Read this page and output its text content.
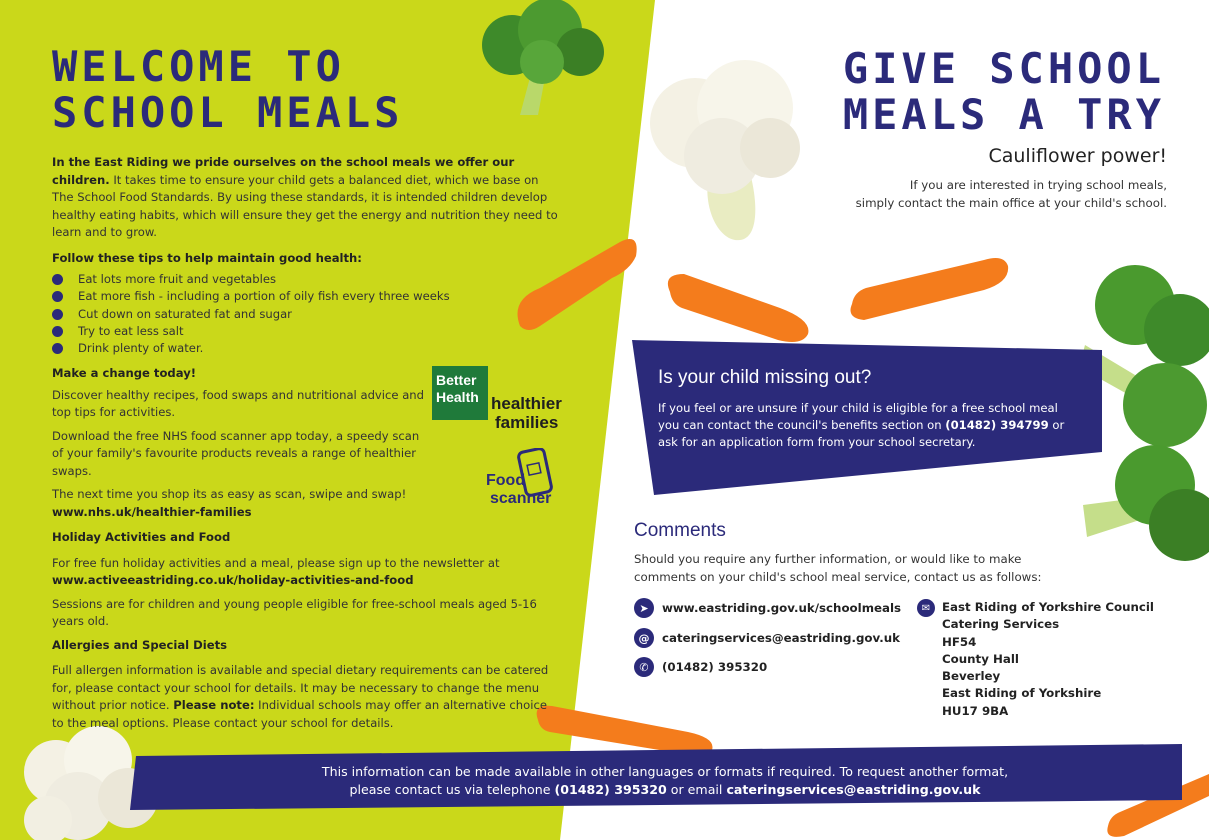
WELCOME TO
SCHOOL MEALS

In the East Riding we pride ourselves on the school meals we offer our children. It takes time to ensure your child gets a balanced diet, which we base on The School Food Standards. By using these standards, it is intended children develop healthy eating habits, which will ensure they get the energy and nutrition they need to learn and to grow.

Follow these tips to help maintain good health:
Eat lots more fruit and vegetables
Eat more fish - including a portion of oily fish every three weeks
Cut down on saturated fat and sugar
Try to eat less salt
Drink plenty of water.
Make a change today!

Discover healthy recipes, food swaps and nutritional advice and top tips for activities.

Download the free NHS food scanner app today, a speedy scan of your family's favourite products reveals a range of healthier swaps.

The next time you shop its as easy as scan, swipe and swap!

www.nhs.uk/healthier-families

Holiday Activities and Food

For free fun holiday activities and a meal, please sign up to the newsletter at www.activeeastriding.co.uk/holiday-activities-and-food

Sessions are for children and young people eligible for free-school meals aged 5-16 years old.

Allergies and Special Diets

Full allergen information is available and special dietary requirements can be catered for, please contact your school for details. It may be necessary to change the menu without prior notice. Please note: Individual schools may offer an alternative choice to the meal options. Please contact your school for details.

Better
Health healthier
families
Food
scanner
GIVE SCHOOL
MEALS A TRY
Cauliflower power!
If you are interested in trying school meals,
simply contact the main office at your child's school.
Is your child missing out?
If you feel or are unsure if your child is eligible for a free school meal you can contact the council's benefits section on (01482) 394799 or ask for an application form from your school secretary.
Comments
Should you require any further information, or would like to make comments on your child's school meal service, contact us as follows:
➤	www.eastriding.gov.uk/schoolmeals
@	cateringservices@eastriding.gov.uk
✆	(01482) 395320
✉	East Riding of Yorkshire Council
Catering Services
HF54
County Hall
Beverley
East Riding of Yorkshire
HU17 9BA
This information can be made available in other languages or formats if required. To request another format,
please contact us via telephone (01482) 395320 or email cateringservices@eastriding.gov.uk
